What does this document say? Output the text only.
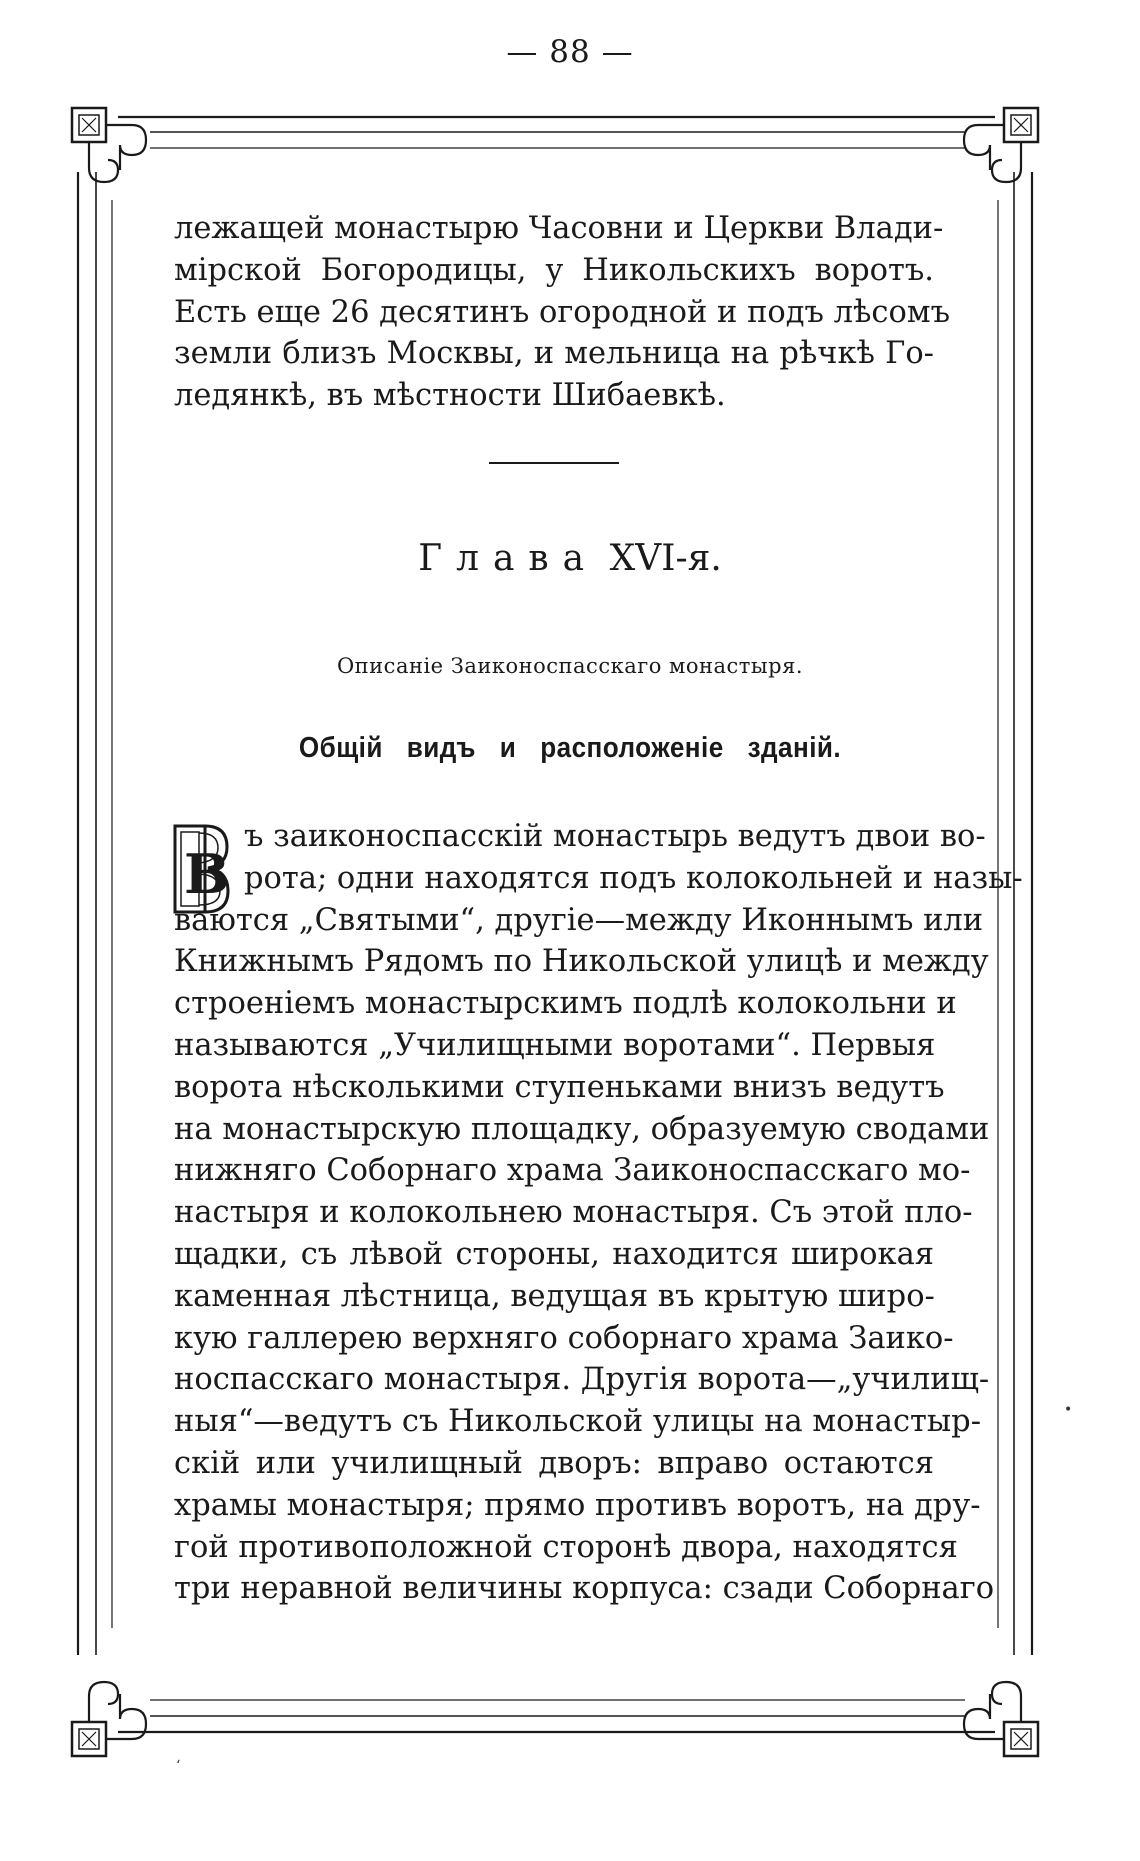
— 88 —
лежащей монастырю Часовни и Церкви Влади-
мірской Богородицы, у Никольскихъ воротъ.
Есть еще 26 десятинъ огородной и подъ лѣсомъ
земли близъ Москвы, и мельница на рѣчкѣ Го-
ледянкѣ, въ мѣстности Шибаевкѣ.
Глава XVI-я.
Описаніе Заиконоспасскаго монастыря.
Общій видъ и расположеніе зданій.
В
ъ заиконоспасскій монастырь ведутъ двои во-
рота; одни находятся подъ колокольней и назы-
ваются „Святыми“, другіе—между Иконнымъ или
Книжнымъ Рядомъ по Никольской улицѣ и между
строеніемъ монастырскимъ подлѣ колокольни и
называются „Училищными воротами“. Первыя
ворота нѣсколькими ступеньками внизъ ведутъ
на монастырскую площадку, образуемую сводами
нижняго Соборнаго храма Заиконоспасскаго мо-
настыря и колокольнею монастыря. Съ этой пло-
щадки, съ лѣвой стороны, находится широкая
каменная лѣстница, ведущая въ крытую широ-
кую галлерею верхняго соборнаго храма Заико-
носпасскаго монастыря. Другія ворота—„училищ-
ныя“—ведутъ съ Никольской улицы на монастыр-
скій или училищный дворъ: вправо остаются
храмы монастыря; прямо противъ воротъ, на дру-
гой противоположной сторонѣ двора, находятся
три неравной величины корпуса: сзади Соборнаго
•
ʻ
